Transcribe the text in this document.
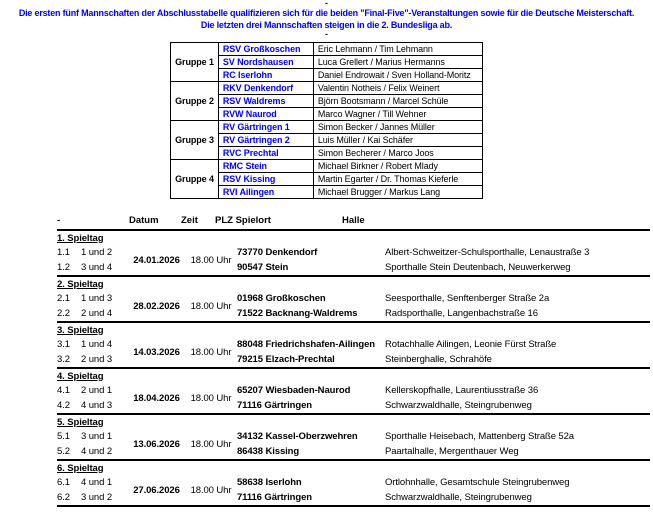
-
Die ersten fünf Mannschaften der Abschlusstabelle qualifizieren sich für die beiden "Final-Five"-Veranstaltungen sowie für die Deutsche Meisterschaft.
Die letzten drei Mannschaften steigen in die 2. Bundesliga ab.
-
Gruppe 1	RSV Großkoschen	Eric Lehmann / Tim Lehmann
	SV Nordshausen	Luca Grellert / Marius Hermanns
	RC Iserlohn	Daniel Endrowait / Sven Holland-Moritz
Gruppe 2	RKV Denkendorf	Valentin Notheis / Felix Weinert
	RSV Waldrems	Björn Bootsmann / Marcel Schüle
	RVW Naurod	Marco Wagner / Till Wehner
Gruppe 3	RV Gärtringen 1	Simon Becker / Jannes Müller
	RV Gärtringen 2	Luis Müller / Kai Schäfer
	RVC Prechtal	Simon Becherer / Marco Joos
Gruppe 4	RMC Stein	Michael Birkner / Robert Mlady
	RSV Kissing	Martin Egarter / Dr. Thomas Kieferle
	RVI Ailingen	Michael Brugger / Markus Lang
-	Datum Zeit PLZ Spielort	Halle
1. Spieltag					
1.1	1 und 2	24.01.2026	18.00 Uhr	73770 Denkendorf	Albert-Schweitzer-Schulsporthalle, Lenaustraße 3
1.2	3 und 4			90547 Stein	Sporthalle Stein Deutenbach, Neuwerkerweg
2. Spieltag					
2.1	1 und 3	28.02.2026	18.00 Uhr	01968 Großkoschen	Seesporthalle, Senftenberger Straße 2a
2.2	2 und 4			71522 Backnang-Waldrems	Radsporthalle, Langenbachstraße 16
3. Spieltag					
3.1	1 und 4	14.03.2026	18.00 Uhr	88048 Friedrichshafen-Ailingen	Rotachhalle Ailingen, Leonie Fürst Straße
3.2	2 und 3			79215 Elzach-Prechtal	Steinberghalle, Schrahöfe
4. Spieltag					
4.1	2 und 1	18.04.2026	18.00 Uhr	65207 Wiesbaden-Naurod	Kellerskopfhalle, Laurentiusstraße 36
4.2	4 und 3			71116 Gärtringen	Schwarzwaldhalle, Steingrubenweg
5. Spieltag					
5.1	3 und 1	13.06.2026	18.00 Uhr	34132 Kassel-Oberzwehren	Sporthalle Heisebach, Mattenberg Straße 52a
5.2	4 und 2			86438 Kissing	Paartalhalle, Mergenthauer Weg
6. Spieltag					
6.1	4 und 1	27.06.2026	18.00 Uhr	58638 Iserlohn	Ortlohnhalle, Gesamtschule Steingrubenweg
6.2	3 und 2			71116 Gärtringen	Schwarzwaldhalle, Steingrubenweg
